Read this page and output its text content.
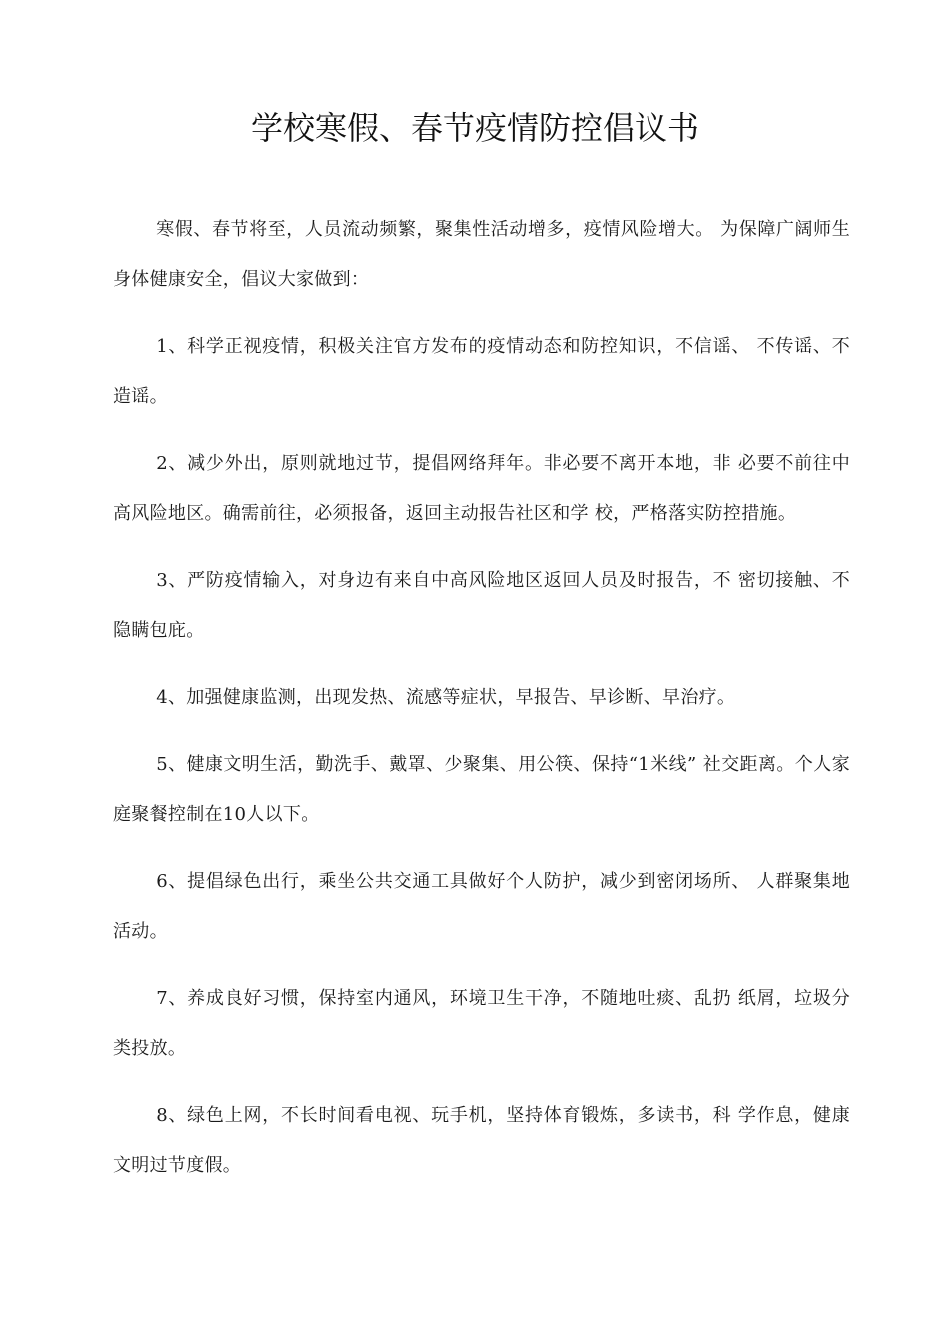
学校寒假、春节疫情防控倡议书

寒假、春节将至，人员流动频繁，聚集性活动增多，疫情风险增大。 为保障广阔师生身体健康安全，倡议大家做到：

1、科学正视疫情，积极关注官方发布的疫情动态和防控知识，不信谣、 不传谣、不造谣。

2、减少外出，原则就地过节，提倡网络拜年。非必要不离开本地，非 必要不前往中高风险地区。确需前往，必须报备，返回主动报告社区和学 校，严格落实防控措施。

3、严防疫情输入，对身边有来自中高风险地区返回人员及时报告，不 密切接触、不隐瞒包庇。

4、加强健康监测，出现发热、流感等症状，早报告、早诊断、早治疗。

5、健康文明生活，勤洗手、戴罩、少聚集、用公筷、保持“1米线” 社交距离。个人家庭聚餐控制在10人以下。

6、提倡绿色出行，乘坐公共交通工具做好个人防护，减少到密闭场所、 人群聚集地活动。

7、养成良好习惯，保持室内通风，环境卫生干净，不随地吐痰、乱扔 纸屑，垃圾分类投放。

8、绿色上网，不长时间看电视、玩手机，坚持体育锻炼，多读书，科 学作息，健康文明过节度假。
